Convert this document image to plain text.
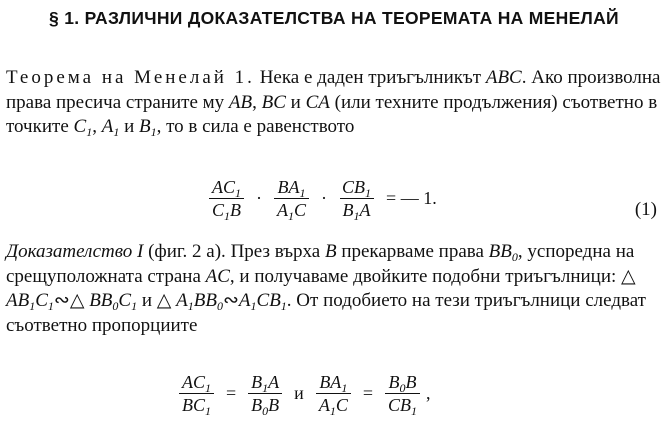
§ 1. РАЗЛИЧНИ ДОКАЗАТЕЛСТВА НА ТЕОРЕМАТА НА МЕНЕЛАЙ
Теорема на Менелай 1. Нека е даден триъгълникът ABC. Ако произволна права пресича страните му AB, BC и CA (или техните продължения) съответно в точките $C_1$, $A_1$ и $B_1$, то в сила е равенството
$\frac{AC_1}{C_1B} \cdot \frac{BA_1}{A_1C} \cdot \frac{CB_1}{B_1A}$ = — 1.
(1)
Доказателство I (фиг. 2 а). През върха B прекарваме права $BB_0$, успоредна на срещуположната страна AC, и получаваме двойките подобни триъгълници: △ $AB_1C_1∾\triangle$ $BB_0C_1$ и △ $A_1BB_0∾A_1CB_1$. От подобието на тези триъгълници следват съответно пропорциите
$\frac{AC_1}{BC_1} = \frac{B_1A}{B_0B}$ и $\frac{BA_1}{A_1C} = \frac{B_0B}{CB_1}$ ,
